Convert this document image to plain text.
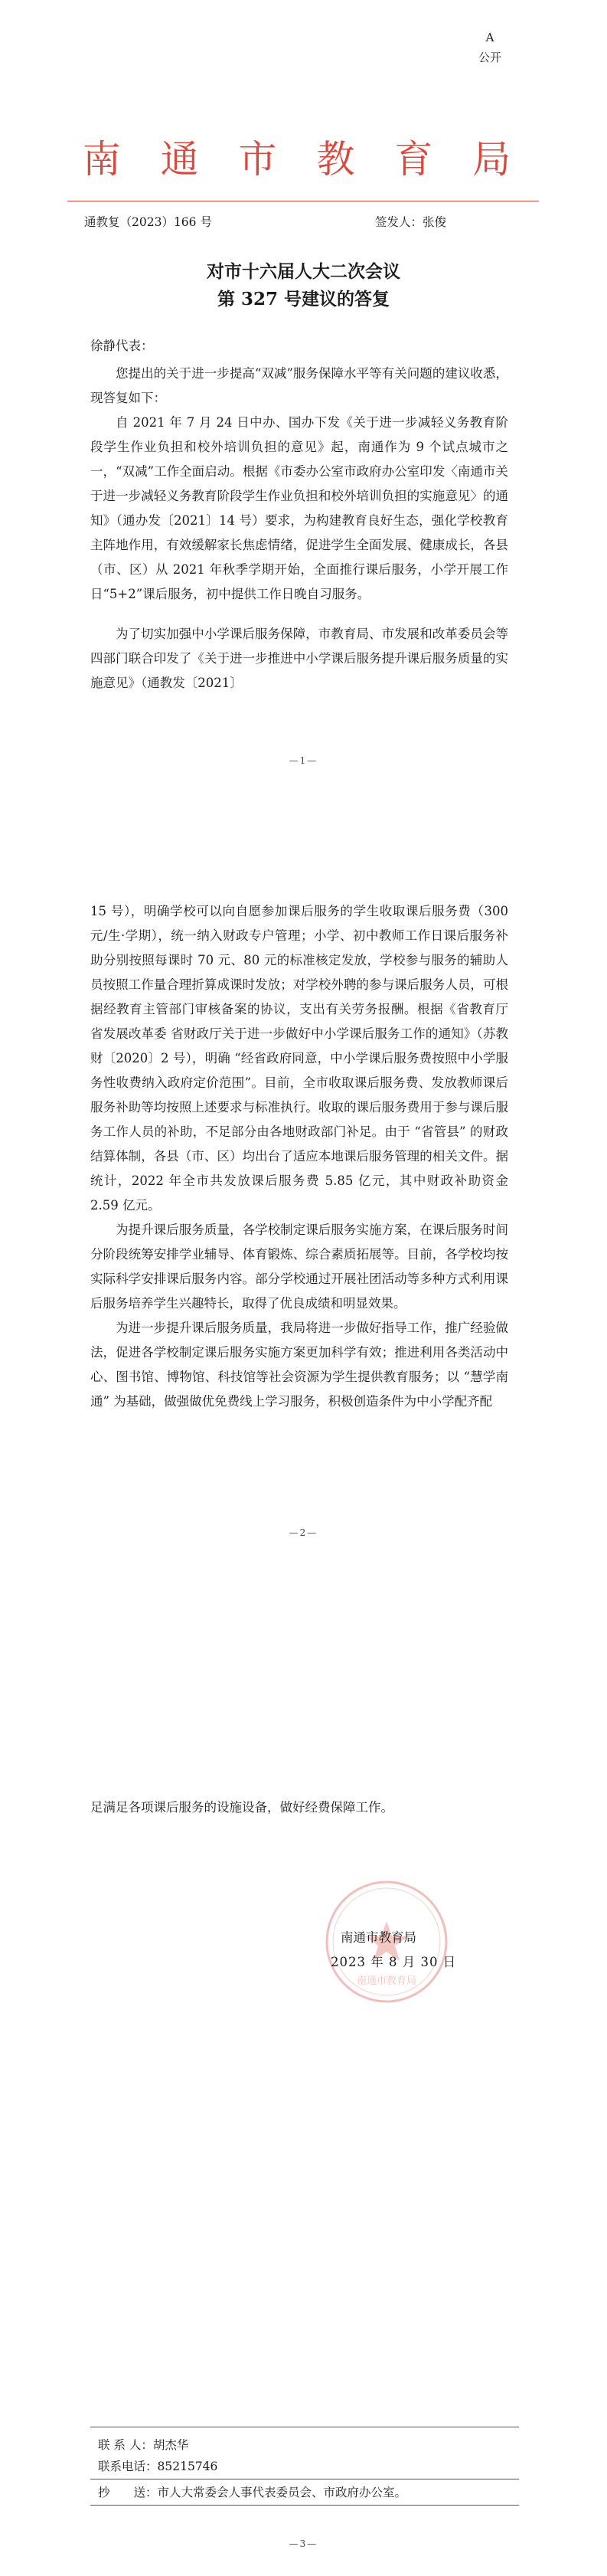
A
公开
南 通 市 教 育 局
通教复（2023）166 号	签发人：张俊
对市十六届人大二次会议
第 327 号建议的答复
徐静代表：

您提出的关于进一步提高“双减”服务保障水平等有关问题的建议收悉，现答复如下：

自 2021 年 7 月 24 日中办、国办下发《关于进一步减轻义务教育阶段学生作业负担和校外培训负担的意见》起，南通作为 9 个试点城市之一，“双减”工作全面启动。根据《市委办公室市政府办公室印发〈南通市关于进一步减轻义务教育阶段学生作业负担和校外培训负担的实施意见〉的通知》（通办发〔2021〕14 号）要求，为构建教育良好生态，强化学校教育主阵地作用，有效缓解家长焦虑情绪，促进学生全面发展、健康成长，各县（市、区）从 2021 年秋季学期开始，全面推行课后服务，小学开展工作日“5+2”课后服务，初中提供工作日晚自习服务。

为了切实加强中小学课后服务保障，市教育局、市发展和改革委员会等四部门联合印发了《关于进一步推进中小学课后服务提升课后服务质量的实施意见》（通教发〔2021〕

—1—

15 号），明确学校可以向自愿参加课后服务的学生收取课后服务费（300 元/生·学期），统一纳入财政专户管理；小学、初中教师工作日课后服务补助分别按照每课时 70 元、80 元的标准核定发放，学校参与服务的辅助人员按照工作量合理折算成课时发放；对学校外聘的参与课后服务人员，可根据经教育主管部门审核备案的协议，支出有关劳务报酬。根据《省教育厅 省发展改革委 省财政厅关于进一步做好中小学课后服务工作的通知》（苏教财〔2020〕2 号），明确 “经省政府同意，中小学课后服务费按照中小学服务性收费纳入政府定价范围”。目前，全市收取课后服务费、发放教师课后服务补助等均按照上述要求与标准执行。收取的课后服务费用于参与课后服务工作人员的补助，不足部分由各地财政部门补足。由于 “省管县” 的财政结算体制，各县（市、区）均出台了适应本地课后服务管理的相关文件。据统计，2022 年全市共发放课后服务费 5.85 亿元，其中财政补助资金 2.59 亿元。

为提升课后服务质量，各学校制定课后服务实施方案，在课后服务时间分阶段统筹安排学业辅导、体育锻炼、综合素质拓展等。目前，各学校均按实际科学安排课后服务内容。部分学校通过开展社团活动等多种方式利用课后服务培养学生兴趣特长，取得了优良成绩和明显效果。

为进一步提升课后服务质量，我局将进一步做好指导工作，推广经验做法，促进各学校制定课后服务实施方案更加科学有效；推进利用各类活动中心、图书馆、博物馆、科技馆等社会资源为学生提供教育服务；以 “慧学南通” 为基础，做强做优免费线上学习服务，积极创造条件为中小学配齐配

—2—

足满足各项课后服务的设施设备，做好经费保障工作。

南通市教育局
南通市教育局
2023 年 8 月 30 日
联 系 人：胡杰华
联系电话：85215746
抄　　送：市人大常委会人事代表委员会、市政府办公室。
—3—
